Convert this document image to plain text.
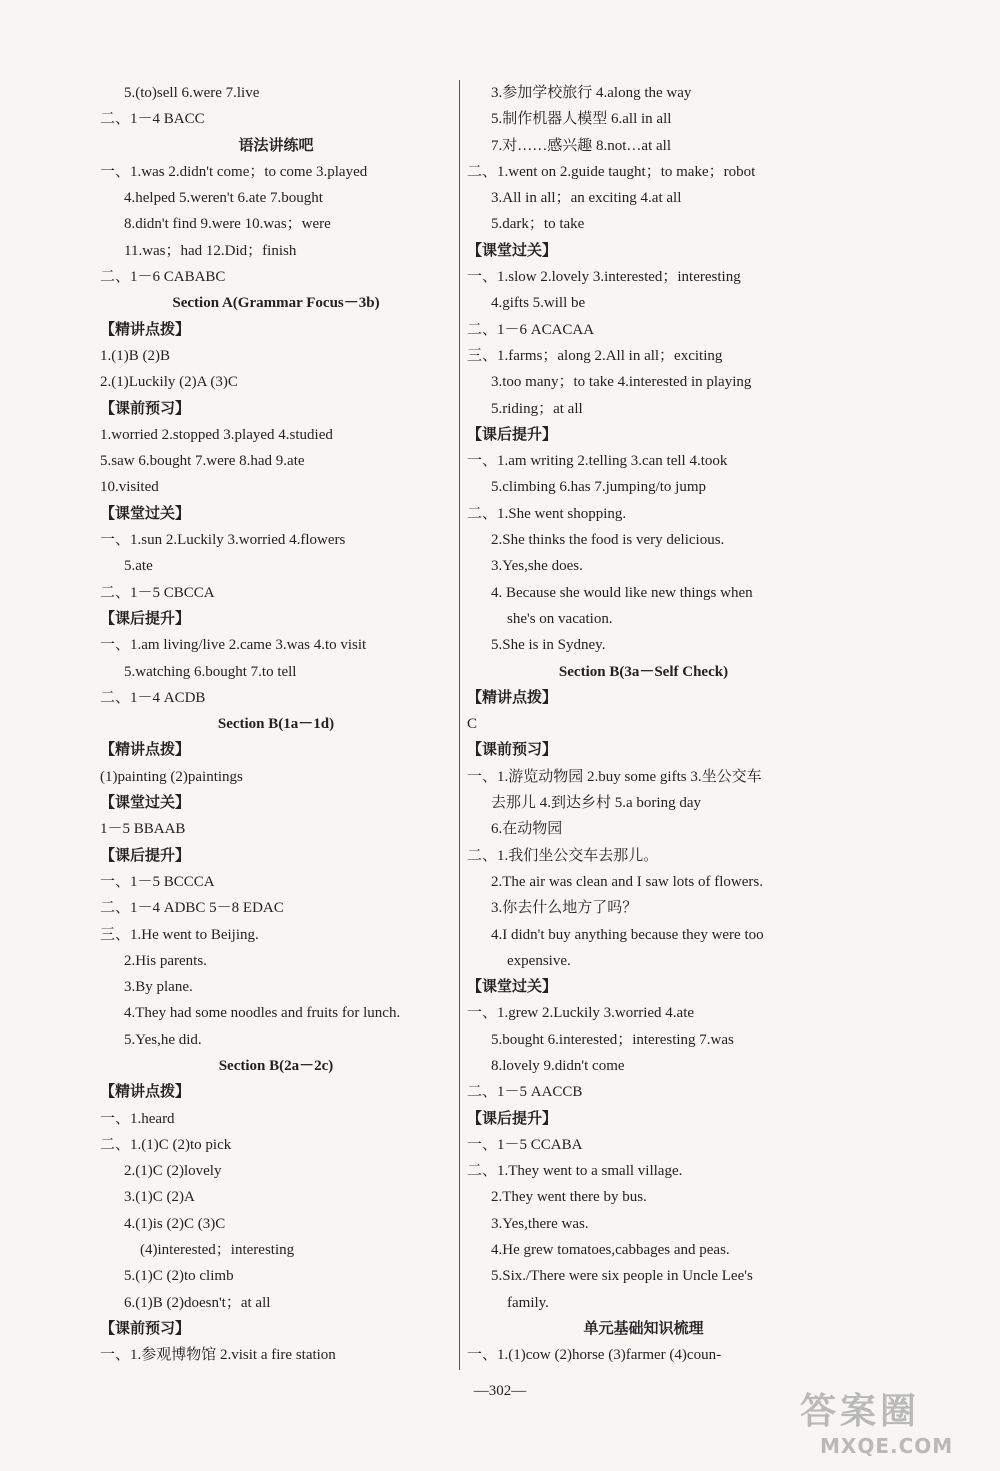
5.(to)sell 6.were 7.live
二、1－4 BACC
语法讲练吧
一、1.was 2.didn't come；to come 3.played
4.helped 5.weren't 6.ate 7.bought
8.didn't find 9.were 10.was；were
11.was；had 12.Did；finish
二、1－6 CABABC
Section A(Grammar Focus－3b)
【精讲点拨】
1.(1)B (2)B
2.(1)Luckily (2)A (3)C
【课前预习】
1.worried 2.stopped 3.played 4.studied
5.saw 6.bought 7.were 8.had 9.ate
10.visited
【课堂过关】
一、1.sun 2.Luckily 3.worried 4.flowers
5.ate
二、1－5 CBCCA
【课后提升】
一、1.am living/live 2.came 3.was 4.to visit
5.watching 6.bought 7.to tell
二、1－4 ACDB
Section B(1a－1d)
【精讲点拨】
(1)painting (2)paintings
【课堂过关】
1－5 BBAAB
【课后提升】
一、1－5 BCCCA
二、1－4 ADBC 5－8 EDAC
三、1.He went to Beijing.
2.His parents.
3.By plane.
4.They had some noodles and fruits for lunch.
5.Yes,he did.
Section B(2a－2c)
【精讲点拨】
一、1.heard
二、1.(1)C (2)to pick
2.(1)C (2)lovely
3.(1)C (2)A
4.(1)is (2)C (3)C
(4)interested；interesting
5.(1)C (2)to climb
6.(1)B (2)doesn't；at all
【课前预习】
一、1.参观博物馆 2.visit a fire station
3.参加学校旅行 4.along the way
5.制作机器人模型 6.all in all
7.对……感兴趣 8.not…at all
二、1.went on 2.guide taught；to make；robot
3.All in all；an exciting 4.at all
5.dark；to take
【课堂过关】
一、1.slow 2.lovely 3.interested；interesting
4.gifts 5.will be
二、1－6 ACACAA
三、1.farms；along 2.All in all；exciting
3.too many；to take 4.interested in playing
5.riding；at all
【课后提升】
一、1.am writing 2.telling 3.can tell 4.took
5.climbing 6.has 7.jumping/to jump
二、1.She went shopping.
2.She thinks the food is very delicious.
3.Yes,she does.
4. Because she would like new things when
she's on vacation.
5.She is in Sydney.
Section B(3a－Self Check)
【精讲点拨】
C
【课前预习】
一、1.游览动物园 2.buy some gifts 3.坐公交车
去那儿 4.到达乡村 5.a boring day
6.在动物园
二、1.我们坐公交车去那儿。
2.The air was clean and I saw lots of flowers.
3.你去什么地方了吗？
4.I didn't buy anything because they were too
expensive.
【课堂过关】
一、1.grew 2.Luckily 3.worried 4.ate
5.bought 6.interested；interesting 7.was
8.lovely 9.didn't come
二、1－5 AACCB
【课后提升】
一、1－5 CCABA
二、1.They went to a small village.
2.They went there by bus.
3.Yes,there was.
4.He grew tomatoes,cabbages and peas.
5.Six./There were six people in Uncle Lee's
family.
单元基础知识梳理
一、1.(1)cow (2)horse (3)farmer (4)coun-
—302—	答案圈
MXQE.COM
